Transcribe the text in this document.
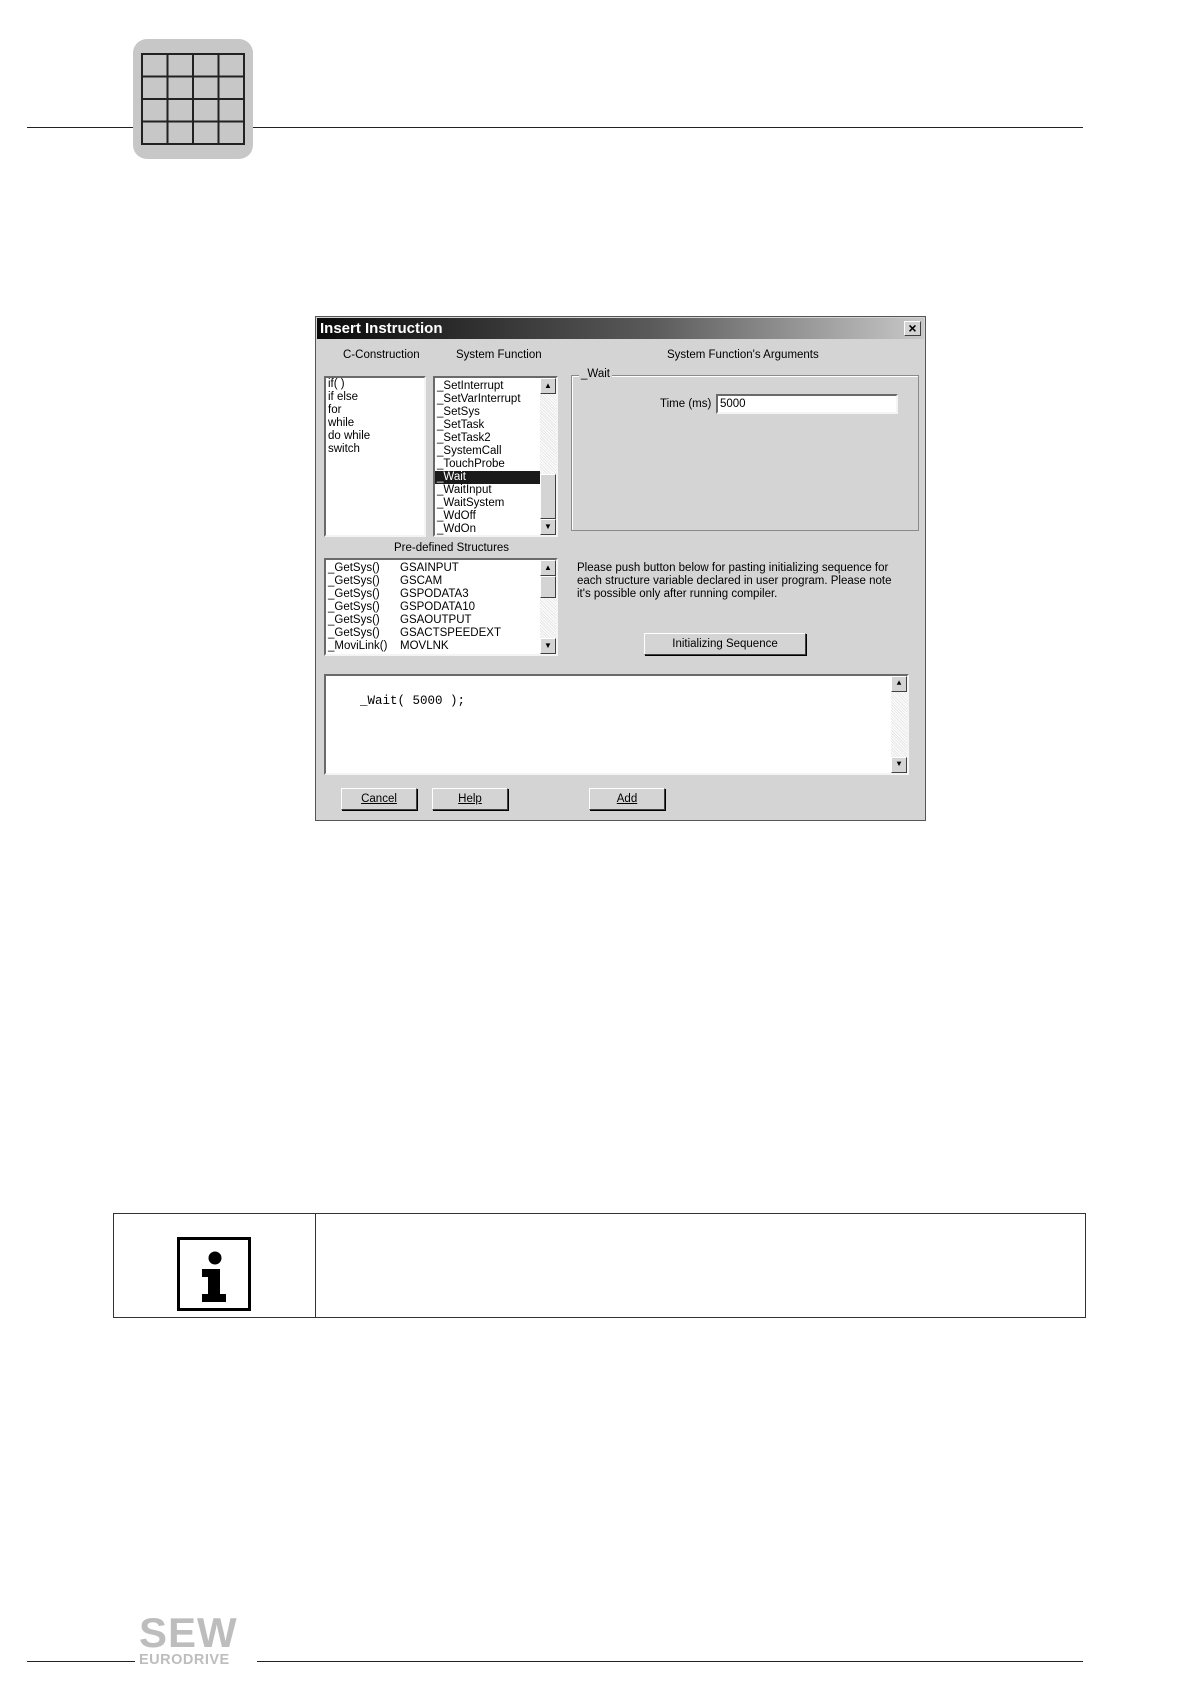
Insert Instruction	×
C-Construction	System Function	System Function's Arguments
if( )
if else
for
while
do while
switch
_SetInterrupt
_SetVarInterrupt
_SetSys
_SetTask
_SetTask2
_SystemCall
_TouchProbe
_Wait
_WaitInput
_WaitSystem
_WdOff
_WdOn
▲
▼
_Wait
Time (ms) 5000
Pre-defined Structures
_GetSys() GSAINPUT
_GetSys() GSCAM
_GetSys() GSPODATA3
_GetSys() GSPODATA10
_GetSys() GSAOUTPUT
_GetSys() GSACTSPEEDEXT
_MoviLink() MOVLNK
▲
▼
Please push button below for pasting initializing sequence for each structure variable declared in user program. Please note it's possible only after running compiler.
Initializing Sequence

_Wait( 5000 );

▲

▼

Cancel	Help	Add
SEW
EURODRIVE
